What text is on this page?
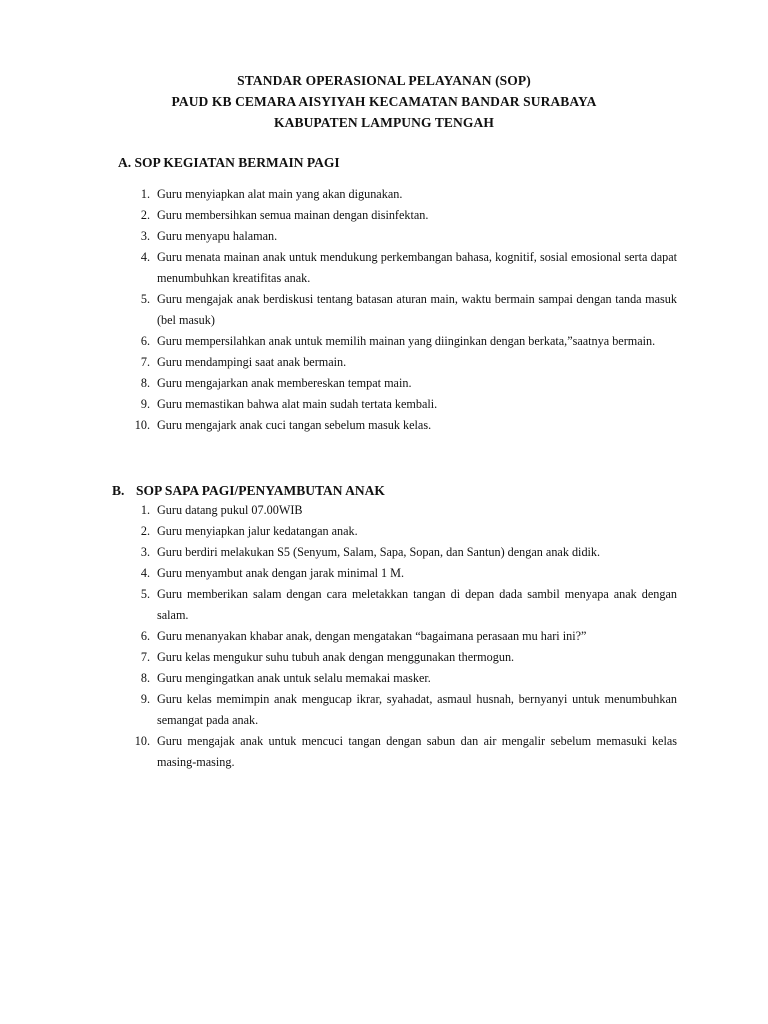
STANDAR OPERASIONAL PELAYANAN (SOP)
PAUD KB CEMARA AISYIYAH KECAMATAN BANDAR SURABAYA
KABUPATEN LAMPUNG TENGAH
A. SOP KEGIATAN BERMAIN PAGI
1. Guru menyiapkan alat main yang akan digunakan.
2. Guru membersihkan semua mainan dengan disinfektan.
3. Guru menyapu halaman.
4. Guru menata mainan anak untuk mendukung perkembangan bahasa, kognitif, sosial emosional serta dapat menumbuhkan kreatifitas anak.
5. Guru mengajak anak berdiskusi tentang batasan aturan main, waktu bermain sampai dengan tanda masuk (bel masuk)
6. Guru mempersilahkan anak untuk memilih mainan yang diinginkan dengan berkata,”saatnya bermain.
7. Guru mendampingi saat anak bermain.
8. Guru mengajarkan anak membereskan tempat main.
9. Guru memastikan bahwa alat main sudah tertata kembali.
10. Guru mengajark anak cuci tangan sebelum masuk kelas.
B. SOP SAPA PAGI/PENYAMBUTAN ANAK
1. Guru datang pukul 07.00WIB
2. Guru menyiapkan jalur kedatangan anak.
3. Guru berdiri melakukan S5 (Senyum, Salam, Sapa, Sopan, dan Santun) dengan anak didik.
4. Guru menyambut anak dengan jarak minimal 1 M.
5. Guru memberikan salam dengan cara meletakkan tangan di depan dada sambil menyapa anak dengan salam.
6. Guru menanyakan khabar anak, dengan mengatakan “bagaimana perasaan mu hari ini?”
7. Guru kelas mengukur suhu tubuh anak dengan menggunakan thermogun.
8. Guru mengingatkan anak untuk selalu memakai masker.
9. Guru kelas memimpin anak mengucap ikrar, syahadat, asmaul husnah, bernyanyi untuk menumbuhkan semangat pada anak.
10. Guru mengajak anak untuk mencuci tangan dengan sabun dan air mengalir sebelum memasuki kelas masing-masing.
